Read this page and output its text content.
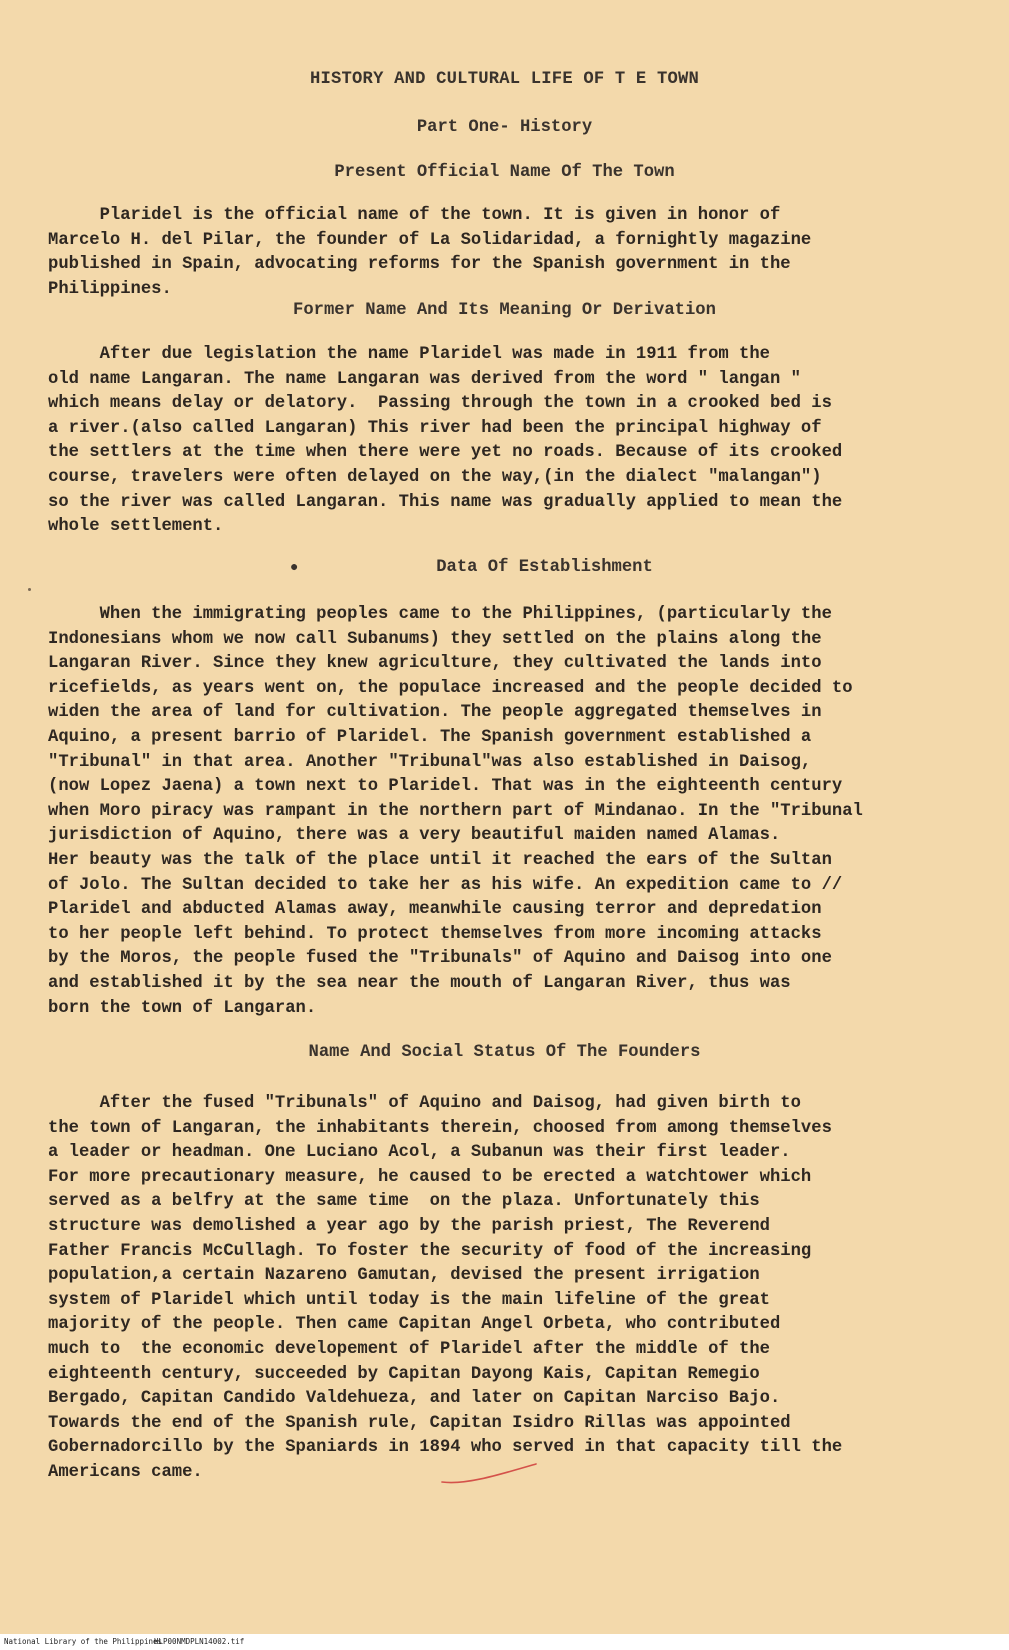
HISTORY AND CULTURAL LIFE OF T E TOWN
Part One- History
Present Official Name Of The Town
Plaridel is the official name of the town. It is given in honor of
Marcelo H. del Pilar, the founder of La Solidaridad, a fornightly magazine
published in Spain, advocating reforms for the Spanish government in the
Philippines.
Former Name And Its Meaning Or Derivation
After due legislation the name Plaridel was made in 1911 from the
old name Langaran. The name Langaran was derived from the word " langan "
which means delay or delatory.  Passing through the town in a crooked bed is
a river.(also called Langaran) This river had been the principal highway of
the settlers at the time when there were yet no roads. Because of its crooked
course, travelers were often delayed on the way,(in the dialect "malangan")
so the river was called Langaran. This name was gradually applied to mean the
whole settlement.
●	Data Of Establishment
When the immigrating peoples came to the Philippines, (particularly the
Indonesians whom we now call Subanums) they settled on the plains along the
Langaran River. Since they knew agriculture, they cultivated the lands into
ricefields, as years went on, the populace increased and the people decided to
widen the area of land for cultivation. The people aggregated themselves in
Aquino, a present barrio of Plaridel. The Spanish government established a
"Tribunal" in that area. Another "Tribunal"was also established in Daisog,
(now Lopez Jaena) a town next to Plaridel. That was in the eighteenth century
when Moro piracy was rampant in the northern part of Mindanao. In the "Tribunal
jurisdiction of Aquino, there was a very beautiful maiden named Alamas.
Her beauty was the talk of the place until it reached the ears of the Sultan
of Jolo. The Sultan decided to take her as his wife. An expedition came to //
Plaridel and abducted Alamas away, meanwhile causing terror and depredation
to her people left behind. To protect themselves from more incoming attacks
by the Moros, the people fused the "Tribunals" of Aquino and Daisog into one
and established it by the sea near the mouth of Langaran River, thus was
born the town of Langaran.
Name And Social Status Of The Founders
After the fused "Tribunals" of Aquino and Daisog, had given birth to
the town of Langaran, the inhabitants therein, choosed from among themselves
a leader or headman. One Luciano Acol, a Subanun was their first leader.
For more precautionary measure, he caused to be erected a watchtower which
served as a belfry at the same time  on the plaza. Unfortunately this
structure was demolished a year ago by the parish priest, The Reverend
Father Francis McCullagh. To foster the security of food of the increasing
population,a certain Nazareno Gamutan, devised the present irrigation
system of Plaridel which until today is the main lifeline of the great
majority of the people. Then came Capitan Angel Orbeta, who contributed
much to  the economic developement of Plaridel after the middle of the
eighteenth century, succeeded by Capitan Dayong Kais, Capitan Remegio
Bergado, Capitan Candido Valdehueza, and later on Capitan Narciso Bajo.
Towards the end of the Spanish rule, Capitan Isidro Rillas was appointed
Gobernadorcillo by the Spaniards in 1894 who served in that capacity till the
Americans came.
National Library of the Philippines
HLP00NMDPLN14002.tif
